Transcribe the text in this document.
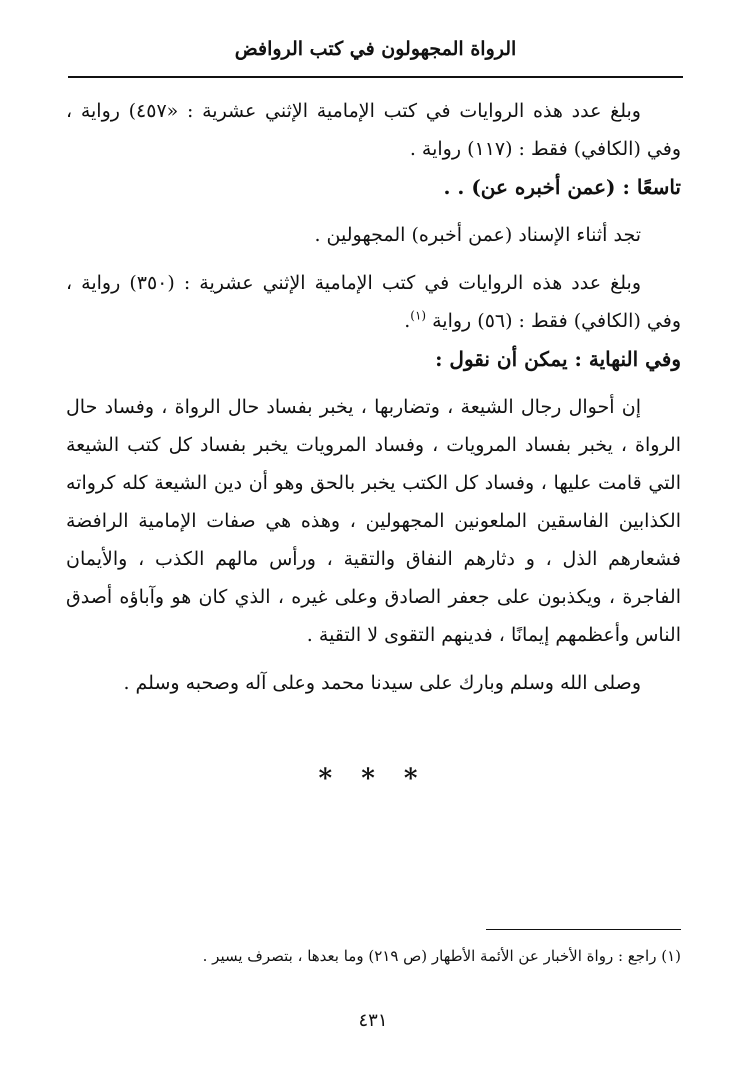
الرواة المجهولون في كتب الروافض

وبلغ عدد هذه الروايات في كتب الإمامية الإثني عشرية : «٤٥٧) رواية ، وفي (الكافي) فقط : (١١٧) رواية .

تاسعًا : (عمن أخبره عن) . .

تجد أثناء الإسناد (عمن أخبره) المجهولين .

وبلغ عدد هذه الروايات في كتب الإمامية الإثني عشرية : (٣٥٠) رواية ، وفي (الكافي) فقط : (٥٦) رواية $^{(١)}$.

وفي النهاية : يمكن أن نقول :

إن أحوال رجال الشيعة ، وتضاربها ، يخبر بفساد حال الرواة ، وفساد حال الرواة ، يخبر بفساد المرويات ، وفساد المرويات يخبر بفساد كل كتب الشيعة التي قامت عليها ، وفساد كل الكتب يخبر بالحق وهو أن دين الشيعة كله كرواته الكذابين الفاسقين الملعونين المجهولين ، وهذه هي صفات الإمامية الرافضة فشعارهم الذل ، و دثارهم النفاق والتقية ، ورأس مالهم الكذب ، والأيمان الفاجرة ، ويكذبون على جعفر الصادق وعلى غيره ، الذي كان هو وآباؤه أصدق الناس وأعظمهم إيمانًا ، فدينهم التقوى لا التقية .

وصلى الله وسلم وبارك على سيدنا محمد وعلى آله وصحبه وسلم .

* * *
(١) راجع : رواة الأخبار عن الأئمة الأطهار (ص ٢١٩) وما بعدها ، بتصرف يسير .
٤٣١
